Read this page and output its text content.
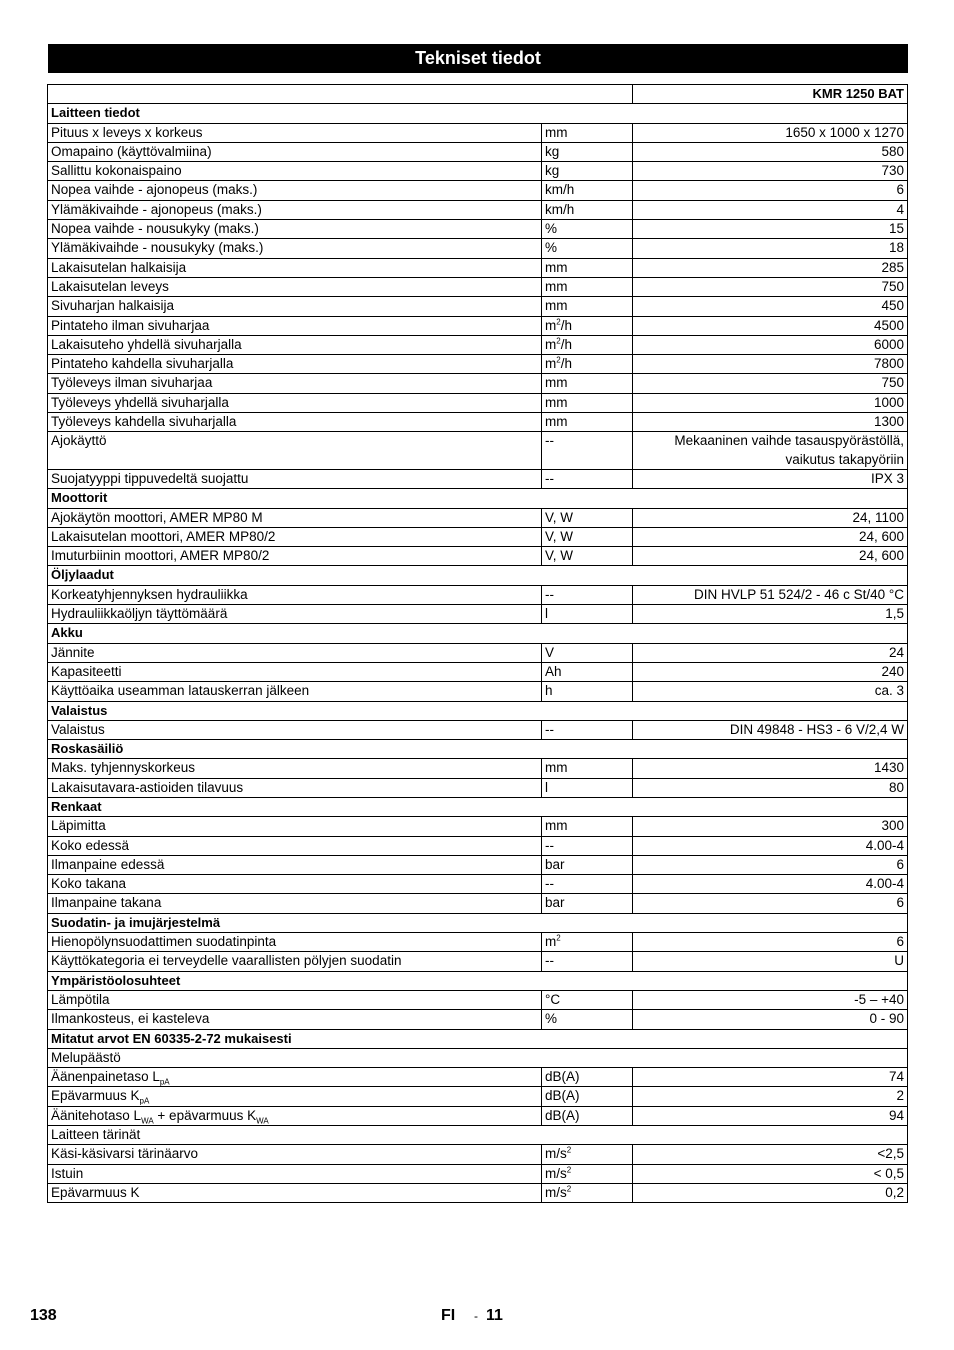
Tekniset tiedot
		KMR 1250 BAT
Laitteen tiedot		
Pituus x leveys x korkeus	mm	1650 x 1000 x 1270

Omapaino (käyttövalmiina)	kg	580

Sallittu kokonaispaino	kg	730

Nopea vaihde - ajonopeus (maks.)	km/h	6

Ylämäkivaihde - ajonopeus (maks.)	km/h	4

Nopea vaihde - nousukyky (maks.)	%	15

Ylämäkivaihde - nousukyky (maks.)	%	18

Lakaisutelan halkaisija	mm	285

Lakaisutelan leveys	mm	750

Sivuharjan halkaisija	mm	450

Pintateho ilman sivuharjaa	$m^2/h$	4500

Lakaisuteho yhdellä sivuharjalla	$m^2/h$	6000

Pintateho kahdella sivuharjalla	$m^2/h$	7800

Työleveys ilman sivuharjaa	mm	750

Työleveys yhdellä sivuharjalla	mm	1000

Työleveys kahdella sivuharjalla	mm	1300

Ajokäyttö	--	Mekaaninen vaihde tasauspyörästöllä,
vaikutus takapyöriin

Suojatyyppi tippuvedeltä suojattu	--	IPX 3

Moottorit		
Ajokäytön moottori, AMER MP80 M	V, W	24, 1100

Lakaisutelan moottori, AMER MP80/2	V, W	24, 600

Imuturbiinin moottori, AMER MP80/2	V, W	24, 600

Öljylaadut		
Korkeatyhjennyksen hydrauliikka	--	DIN HVLP 51 524/2 - 46 c St/40 °C

Hydrauliikkaöljyn täyttömäärä	l	1,5

Akku		
Jännite	V	24

Kapasiteetti	Ah	240

Käyttöaika useamman latauskerran jälkeen	h	ca. 3

Valaistus		
Valaistus	--	DIN 49848 - HS3 - 6 V/2,4 W

Roskasäiliö		
Maks. tyhjennyskorkeus	mm	1430

Lakaisutavara-astioiden tilavuus	l	80

Renkaat		
Läpimitta	mm	300

Koko edessä	--	4.00-4

Ilmanpaine edessä	bar	6

Koko takana	--	4.00-4

Ilmanpaine takana	bar	6

Suodatin- ja imujärjestelmä		
Hienopölynsuodattimen suodatinpinta	$m^2$	6

Käyttökategoria ei terveydelle vaarallisten pölyjen suodatin	--	U

Ympäristöolosuhteet		
Lämpötila	°C	-5 – +40

Ilmankosteus, ei kasteleva	%	0 - 90

Mitatut arvot EN 60335-2-72 mukaisesti		
Melupäästö		
Äänenpainetaso $L_{pA}$	dB(A)	74

Epävarmuus $K_{pA}$	dB(A)	2

Äänitehotaso $L_{WA}$ + epävarmuus $K_{WA}$	dB(A)	94

Laitteen tärinät		
Käsi-käsivarsi tärinäarvo	$m/s^2$	<2,5

Istuin	$m/s^2$	< 0,5

Epävarmuus K	$m/s^2$	0,2
138	FI - 11
